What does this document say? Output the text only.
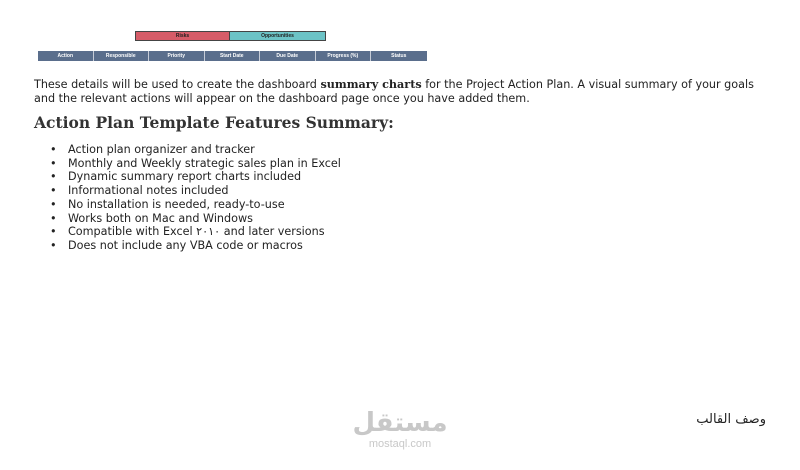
Risks	Opportunities
Action	Responsible	Priority	Start Date	Due Date	Progress (%)	Status

These details will be used to create the dashboard summary charts for the Project Action Plan. A visual summary of your goals and the relevant actions will appear on the dashboard page once you have added them.

Action Plan Template Features Summary:
• Action plan organizer and tracker
• Monthly and Weekly strategic sales plan in Excel
• Dynamic summary report charts included
• Informational notes included
• No installation is needed, ready-to-use
• Works both on Mac and Windows
• Compatible with Excel ٢٠١٠ and later versions
• Does not include any VBA code or macros
مستقل
mostaql.com
وصف القالب
